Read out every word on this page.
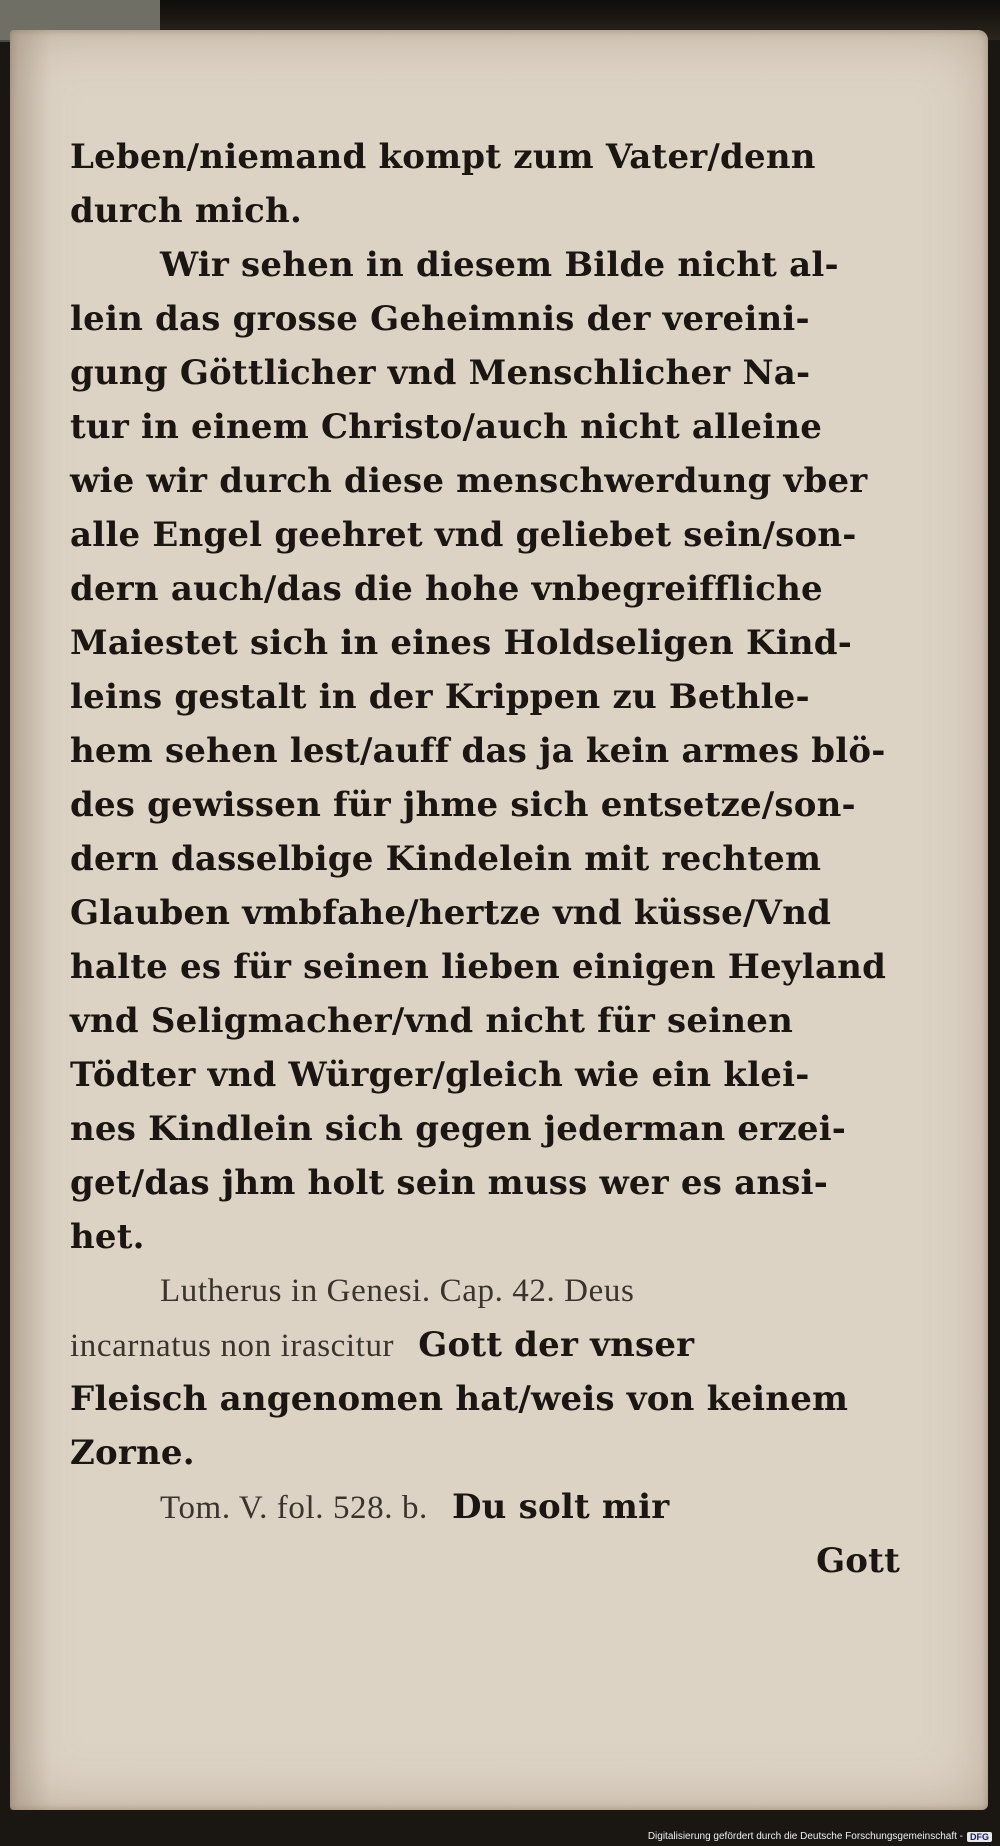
Leben/niemand kompt zum Vater/denn
durch mich.
Wir sehen in diesem Bilde nicht al-
lein das grosse Geheimnis der vereini-
gung Göttlicher vnd Menschlicher Na-
tur in einem Christo/auch nicht alleine
wie wir durch diese menschwerdung vber
alle Engel geehret vnd geliebet sein/son-
dern auch/das die hohe vnbegreiffliche
Maiestet sich in eines Holdseligen Kind-
leins gestalt in der Krippen zu Bethle-
hem sehen lest/auff das ja kein armes blö-
des gewissen für jhme sich entsetze/son-
dern dasselbige Kindelein mit rechtem
Glauben vmbfahe/hertze vnd küsse/Vnd
halte es für seinen lieben einigen Heyland
vnd Seligmacher/vnd nicht für seinen
Tödter vnd Würger/gleich wie ein klei-
nes Kindlein sich gegen jederman erzei-
get/das jhm holt sein muss wer es ansi-
het.
Lutherus in Genesi. Cap. 42. Deus
incarnatus non irascitur Gott der vnser
Fleisch angenomen hat/weis von keinem
Zorne.
Tom. V. fol. 528. b. Du solt mir
Gott
Digitalisierung gefördert durch die Deutsche Forschungsgemeinschaft - DFG
